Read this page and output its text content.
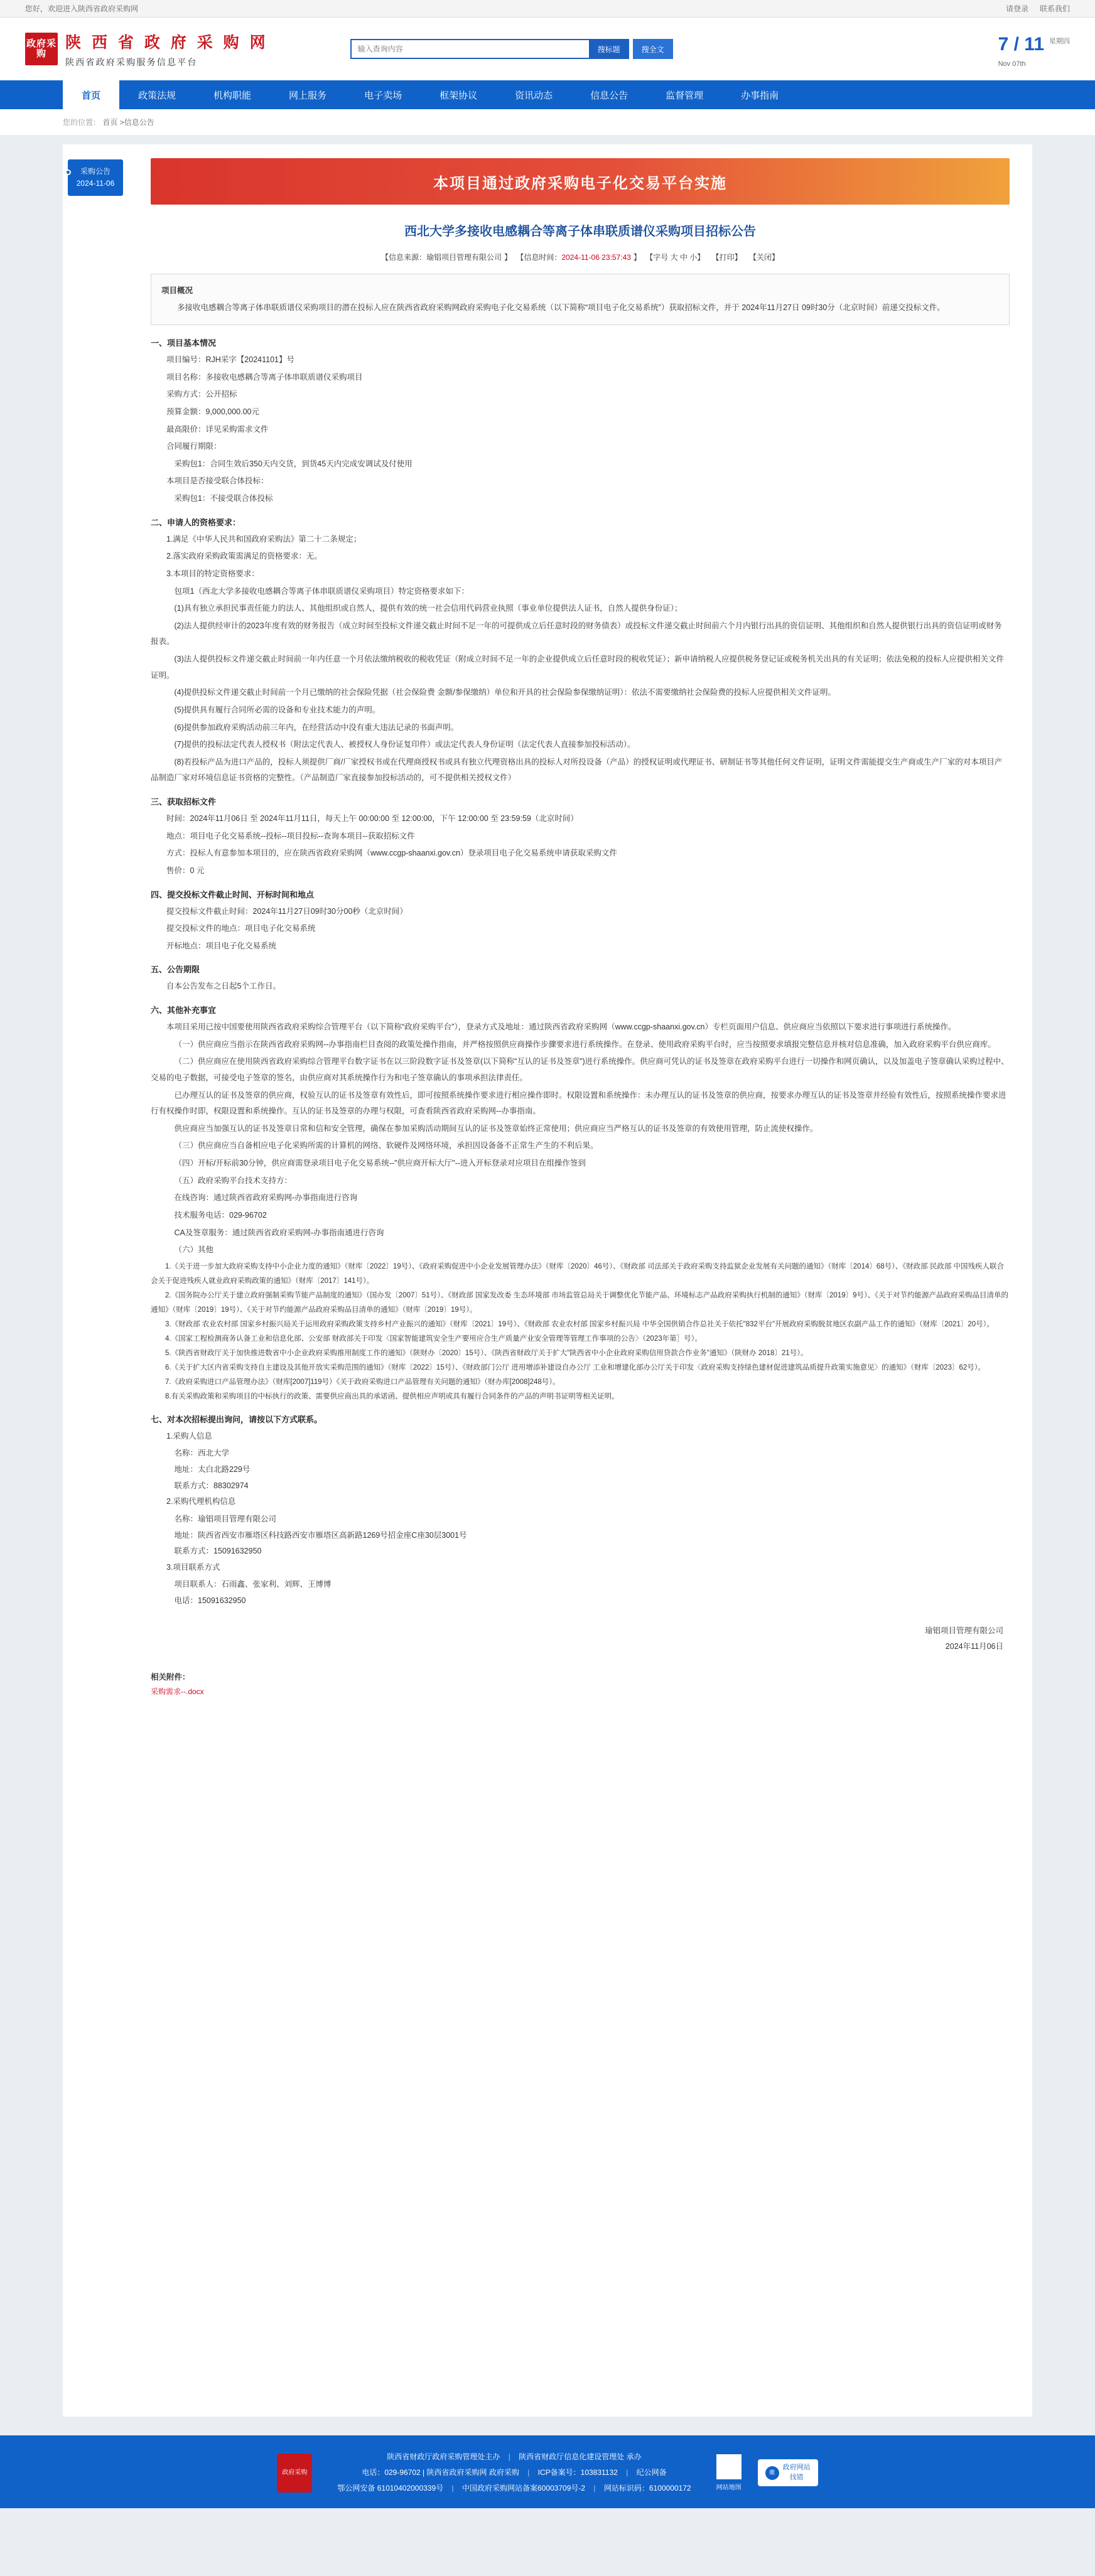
您好，欢迎进入陕西省政府采购网	请登录 联系我们
政府采购
陕 西 省 政 府 采 购 网
陕西省政府采购服务信息平台
输入查询内容
搜标题	搜全文	7 / 11
Nov 07th
星期四
首页	政策法规	机构职能	网上服务	电子卖场	框架协议	资讯动态	信息公告	监督管理	办事指南
您的位置： 首页 >信息公告
采购公告
2024-11-06	本项目通过政府采购电子化交易平台实施
西北大学多接收电感耦合等离子体串联质谱仪采购项目招标公告
【信息来源：瑜锠项目管理有限公司 】 【信息时间：2024-11-06 23:57:43 】 【字号 大 中 小】 【打印】 【关闭】
项目概况

多接收电感耦合等离子体串联质谱仪采购项目的潜在投标人应在陕西省政府采购网政府采购电子化交易系统（以下简称“项目电子化交易系统”）获取招标文件，并于 2024年11月27日 09时30分（北京时间）前递交投标文件。

一、项目基本情况

项目编号：RJH采字【20241101】号

项目名称：多接收电感耦合等离子体串联质谱仪采购项目

采购方式：公开招标

预算金额：9,000,000.00元

最高限价：详见采购需求文件

合同履行期限：

采购包1：合同生效后350天内交货，到货45天内完成安调试及付使用

本项目是否接受联合体投标：

采购包1：不接受联合体投标

二、申请人的资格要求：

1.满足《中华人民共和国政府采购法》第二十二条规定；

2.落实政府采购政策需满足的资格要求：无。

3.本项目的特定资格要求：

包项1（西北大学多接收电感耦合等离子体串联质谱仪采购项目）特定资格要求如下：

(1)具有独立承担民事责任能力的法人、其他组织或自然人，提供有效的统一社会信用代码营业执照（事业单位提供法人证书，自然人提供身份证）；

(2)法人提供经审计的2023年度有效的财务报告（成立时间至投标文件递交截止时间不足一年的可提供成立后任意时段的财务债表）或投标文件递交截止时间前六个月内银行出具的资信证明、其他组织和自然人提供银行出具的资信证明或财务报表。

(3)法人提供投标文件递交截止时间前一年内任意一个月依法缴纳税收的税收凭证（附成立时间不足一年的企业提供成立后任意时段的税收凭证）；新申请纳税人应提供税务登记证或税务机关出具的有关证明；依法免税的投标人应提供相关文件证明。

(4)提供投标文件递交截止时间前一个月已缴纳的社会保险凭据（社会保险费 金额/参保缴纳）单位和开具的社会保险参保缴纳证明）：依法不需要缴纳社会保险费的投标人应提供相关文件证明。

(5)提供具有履行合同所必需的设备和专业技术能力的声明。

(6)提供参加政府采购活动前三年内，在经营活动中没有重大违法记录的书面声明。

(7)提供的投标法定代表人授权书（附法定代表人、被授权人身份证复印件）或法定代表人身份证明（法定代表人直接参加投标活动）。

(8)若投标产品为进口产品的，投标人须提供厂商/厂家授权书或在代理商授权书或具有独立代理资格出具的投标人对所投设备（产品）的授权证明或代理证书、研制证书等其他任何文件证明，证明文件需能提交生产商或生产厂家的对本项目产品制造厂家对环境信息证书资格的完整性。（产品制造厂家直接参加投标活动的，可不提供相关授权文件）

三、获取招标文件

时间：2024年11月06日 至 2024年11月11日，每天上午 00:00:00 至 12:00:00，下午 12:00:00 至 23:59:59（北京时间）

地点：项目电子化交易系统--投标--项目投标--查询本项目--获取招标文件

方式：投标人有意参加本项目的，应在陕西省政府采购网（www.ccgp-shaanxi.gov.cn）登录项目电子化交易系统申请获取采购文件

售价：0 元

四、提交投标文件截止时间、开标时间和地点

提交投标文件截止时间：2024年11月27日09时30分00秒（北京时间）

提交投标文件的地点：项目电子化交易系统

开标地点：项目电子化交易系统

五、公告期限

自本公告发布之日起5个工作日。

六、其他补充事宜

本项目采用已按中国要使用陕西省政府采购综合管理平台（以下简称“政府采购平台”），登录方式及地址：通过陕西省政府采购网（www.ccgp-shaanxi.gov.cn）专栏页面用户信息、供应商应当依照以下要求进行事项进行系统操作。

（一）供应商应当指示在陕西省政府采购网--办事指南栏目查阅的政策处操作指南，并严格按照供应商操作步骤要求进行系统操作。在登录、使用政府采购平台时，应当按照要求填报完整信息并核对信息准确，加入政府采购平台供应商库。

（二）供应商应在使用陕西省政府采购综合管理平台数字证书在以三阶段数字证书及签章(以下简称“互认的证书及签章”)进行系统操作。供应商可凭认的证书及签章在政府采购平台进行一切操作和网页确认，以及加盖电子签章确认采购过程中、交易的电子数据，可接受电子签章的签名，由供应商对其系统操作行为和电子签章确认的事项承担法律责任。

已办理互认的证书及签章的供应商，权验互认的证书及签章有效性后，即可按照系统操作要求进行相应操作即时。权限设置和系统操作：未办理互认的证书及签章的供应商，按要求办理互认的证书及签章并经验有效性后，按照系统操作要求进行有权操作时即，权限设置和系统操作。互认的证书及签章的办理与权限，可查看陕西省政府采购网--办事指南。

供应商应当加强互认的证书及签章日常和信和安全管理，确保在参加采购活动期间互认的证书及签章始终正常使用；供应商应当严格互认的证书及签章的有效使用管理，防止流使权操作。

（三）供应商应当自备相应电子化采购所需的计算机的网络、软硬件及网络环境，承担因设备备不正常生产生的不利后果。

（四）开标/开标前30分钟，供应商需登录项目电子化交易系统--"供应商开标大厅"--进入开标登录对应项目在组操作签到

（五）政府采购平台技术支持方：

在线咨询：通过陕西省政府采购网-办事指南进行咨询

技术服务电话：029-96702

CA及签章服务：通过陕西省政府采购网-办事指南通进行咨询

（六）其他

1.《关于进一步加大政府采购支持中小企业力度的通知》（财库〔2022〕19号）、《政府采购促进中小企业发展管理办法》（财库〔2020〕46号）、《财政部 司法部关于政府采购支持监狱企业发展有关问题的通知》（财库〔2014〕68号）、《财政部 民政部 中国残疾人联合会关于促进残疾人就业政府采购政策的通知》（财库〔2017〕141号）。

2.《国务院办公厅关于建立政府强制采购节能产品制度的通知》（国办发〔2007〕51号）、《财政部 国家发改委 生态环境部 市场监管总局关于调整优化节能产品、环境标志产品政府采购执行机制的通知》（财库〔2019〕9号）、《关于对节约能源产品政府采购品目清单的通知》（财库〔2019〕19号）、《关于对节约能源产品政府采购品目清单的通知》（财库〔2019〕19号）。

3.《财政部 农业农村部 国家乡村振兴局关于运用政府采购政策支持乡村产业振兴的通知》（财库〔2021〕19号）、《财政部 农业农村部 国家乡村振兴局 中华全国供销合作总社关于依托"832平台"开展政府采购脱贫地区农副产品工作的通知》（财库〔2021〕20号）。

4.《国家工程检测商务认备工业和信息化部、公安部 财政部关于印发〈国家智能建筑安全生产要用应合生产质量产业安全管理等管理工作事项的公告〉（2023年第］号）。

5.《陕西省财政厅关于加快推进数省中小企业政府采购推用制度工作的通知》（陕财办〔2020〕15号）、《陕西省财政厅关于扩大"陕西省中小企业政府采购信用贷款合作业务"通知》（陕财办 2018〕21号）。

6.《关于扩大区内省采购支持自主建设及其他开放实采购范围的通知》（财库〔2022〕15号）、《财政部门公厅 进用增添补建设自办公厅 工业和增建化部办公厅关于印发〈政府采购支持绿色建材促进建筑品质提升政策实施意见〉的通知》（财库〔2023〕62号）。

7.《政府采购进口产品管理办法》（财库[2007]119号）《关于政府采购进口产品管理有关问题的通知》（财办库[2008]248号）。

8.有关采购政策和采购项目的中标执行的政策、需要供应商出具的承诺函、提供相应声明或具有履行合同条件的产品的声明书证明等相关证明。

七、对本次招标提出询问，请按以下方式联系。

1.采购人信息

名称：西北大学

地址：太白北路229号

联系方式：88302974

2.采购代理机构信息

名称：瑜锠项目管理有限公司

地址：陕西省西安市雁塔区科技路西安市雁塔区高新路1269号招金座C座30层3001号

联系方式：15091632950

3.项目联系方式

项目联系人：石雨鑫、张家利、刘辉、王博博

电话：15091632950

瑜锠项目管理有限公司
2024年11月06日
相关附件：
采购需求--.docx
政府采购
陕西省财政厅政府采购管理处主办 | 陕西省财政厅信息化建设管理处 承办
电话：029-96702 | 陕西省政府采购网 政府采购 | ICP备案号：103831132 | 纪公网备
鄂公网安备 61010402000339号 | 中国政府采购网站备案60003709号-2 | 网站标识码：6100000172	网站地图
徽
政府网站
找错
